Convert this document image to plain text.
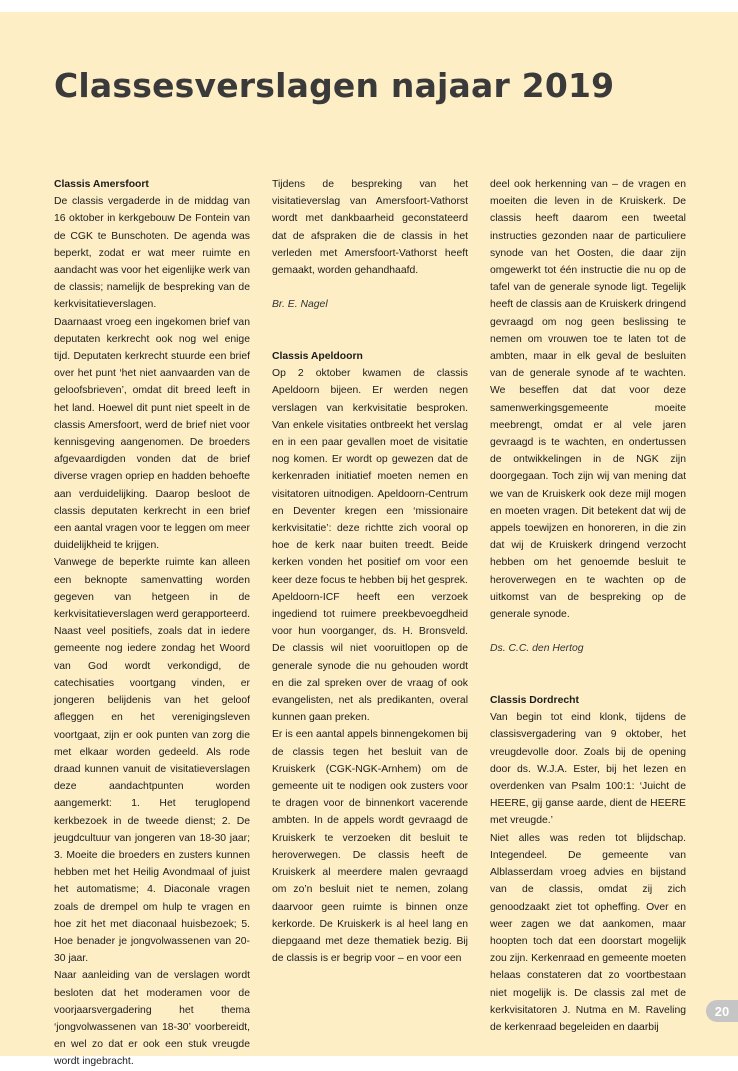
Classesverslagen najaar 2019
Classis Amersfoort

De classis vergaderde in de middag van 16 oktober in kerkgebouw De Fontein van de CGK te Bunschoten. De agenda was beperkt, zodat er wat meer ruimte en aandacht was voor het eigenlijke werk van de classis; namelijk de bespreking van de kerkvisitatieverslagen.

Daarnaast vroeg een ingekomen brief van deputaten kerkrecht ook nog wel enige tijd. Deputaten kerkrecht stuurde een brief over het punt ‘het niet aanvaarden van de geloofsbrieven’, omdat dit breed leeft in het land. Hoewel dit punt niet speelt in de classis Amersfoort, werd de brief niet voor kennisgeving aangenomen. De broeders afgevaardigden vonden dat de brief diverse vragen opriep en hadden behoefte aan verduidelijking. Daarop besloot de classis deputaten kerkrecht in een brief een aantal vragen voor te leggen om meer duidelijkheid te krijgen.

Vanwege de beperkte ruimte kan alleen een beknopte samenvatting worden gegeven van hetgeen in de kerkvisitatieverslagen werd gerapporteerd. Naast veel positiefs, zoals dat in iedere gemeente nog iedere zondag het Woord van God wordt verkondigd, de catechisaties voortgang vinden, er jongeren belijdenis van het geloof afleggen en het verenigingsleven voortgaat, zijn er ook punten van zorg die met elkaar worden gedeeld. Als rode draad kunnen vanuit de visitatieverslagen deze aandachtpunten worden aangemerkt: 1. Het teruglopend kerkbezoek in de tweede dienst; 2. De jeugdcultuur van jongeren van 18-30 jaar; 3. Moeite die broeders en zusters kunnen hebben met het Heilig Avondmaal of juist het automatisme; 4. Diaconale vragen zoals de drempel om hulp te vragen en hoe zit het met diaconaal huisbezoek; 5. Hoe benader je jongvolwassenen van 20-30 jaar.

Naar aanleiding van de verslagen wordt besloten dat het moderamen voor de voorjaarsvergadering het thema ‘jongvolwassenen van 18-30’ voorbereidt, en wel zo dat er ook een stuk vreugde wordt ingebracht.

Tijdens de bespreking van het visitatieverslag van Amersfoort-Vathorst wordt met dankbaarheid geconstateerd dat de afspraken die de classis in het verleden met Amersfoort-Vathorst heeft gemaakt, worden gehandhaafd.

Br. E. Nagel

Classis Apeldoorn

Op 2 oktober kwamen de classis Apeldoorn bijeen. Er werden negen verslagen van kerkvisitatie besproken. Van enkele visitaties ontbreekt het verslag en in een paar gevallen moet de visitatie nog komen. Er wordt op gewezen dat de kerkenraden initiatief moeten nemen en visitatoren uitnodigen. Apeldoorn-Centrum en Deventer kregen een ‘missionaire kerkvisitatie’: deze richtte zich vooral op hoe de kerk naar buiten treedt. Beide kerken vonden het positief om voor een keer deze focus te hebben bij het gesprek.

Apeldoorn-ICF heeft een verzoek ingediend tot ruimere preekbevoegdheid voor hun voorganger, ds. H. Bronsveld. De classis wil niet vooruitlopen op de generale synode die nu gehouden wordt en die zal spreken over de vraag of ook evangelisten, net als predikanten, overal kunnen gaan preken.

Er is een aantal appels binnengekomen bij de classis tegen het besluit van de Kruiskerk (CGK-NGK-Arnhem) om de gemeente uit te nodigen ook zusters voor te dragen voor de binnenkort vacerende ambten. In de appels wordt gevraagd de Kruiskerk te verzoeken dit besluit te heroverwegen. De classis heeft de Kruiskerk al meerdere malen gevraagd om zo’n besluit niet te nemen, zolang daarvoor geen ruimte is binnen onze kerkorde. De Kruiskerk is al heel lang en diepgaand met deze thematiek bezig. Bij de classis is er begrip voor – en voor een

deel ook herkenning van – de vragen en moeiten die leven in de Kruiskerk. De classis heeft daarom een tweetal instructies gezonden naar de particuliere synode van het Oosten, die daar zijn omgewerkt tot één instructie die nu op de tafel van de generale synode ligt. Tegelijk heeft de classis aan de Kruiskerk dringend gevraagd om nog geen beslissing te nemen om vrouwen toe te laten tot de ambten, maar in elk geval de besluiten van de generale synode af te wachten. We beseffen dat dat voor deze samenwerkingsgemeente moeite meebrengt, omdat er al vele jaren gevraagd is te wachten, en ondertussen de ontwikkelingen in de NGK zijn doorgegaan. Toch zijn wij van mening dat we van de Kruiskerk ook deze mijl mogen en moeten vragen. Dit betekent dat wij de appels toewijzen en honoreren, in die zin dat wij de Kruiskerk dringend verzocht hebben om het genoemde besluit te heroverwegen en te wachten op de uitkomst van de bespreking op de generale synode.

Ds. C.C. den Hertog

Classis Dordrecht

Van begin tot eind klonk, tijdens de classisvergadering van 9 oktober, het vreugdevolle door. Zoals bij de opening door ds. W.J.A. Ester, bij het lezen en overdenken van Psalm 100:1: ‘Juicht de HEERE, gij ganse aarde, dient de HEERE met vreugde.’

Niet alles was reden tot blijdschap. Integendeel. De gemeente van Alblasserdam vroeg advies en bijstand van de classis, omdat zij zich genoodzaakt ziet tot opheffing. Over en weer zagen we dat aankomen, maar hoopten toch dat een doorstart mogelijk zou zijn. Kerkenraad en gemeente moeten helaas constateren dat zo voortbestaan niet mogelijk is. De classis zal met de kerkvisitatoren J. Nutma en M. Raveling de kerkenraad begeleiden en daarbij

20
